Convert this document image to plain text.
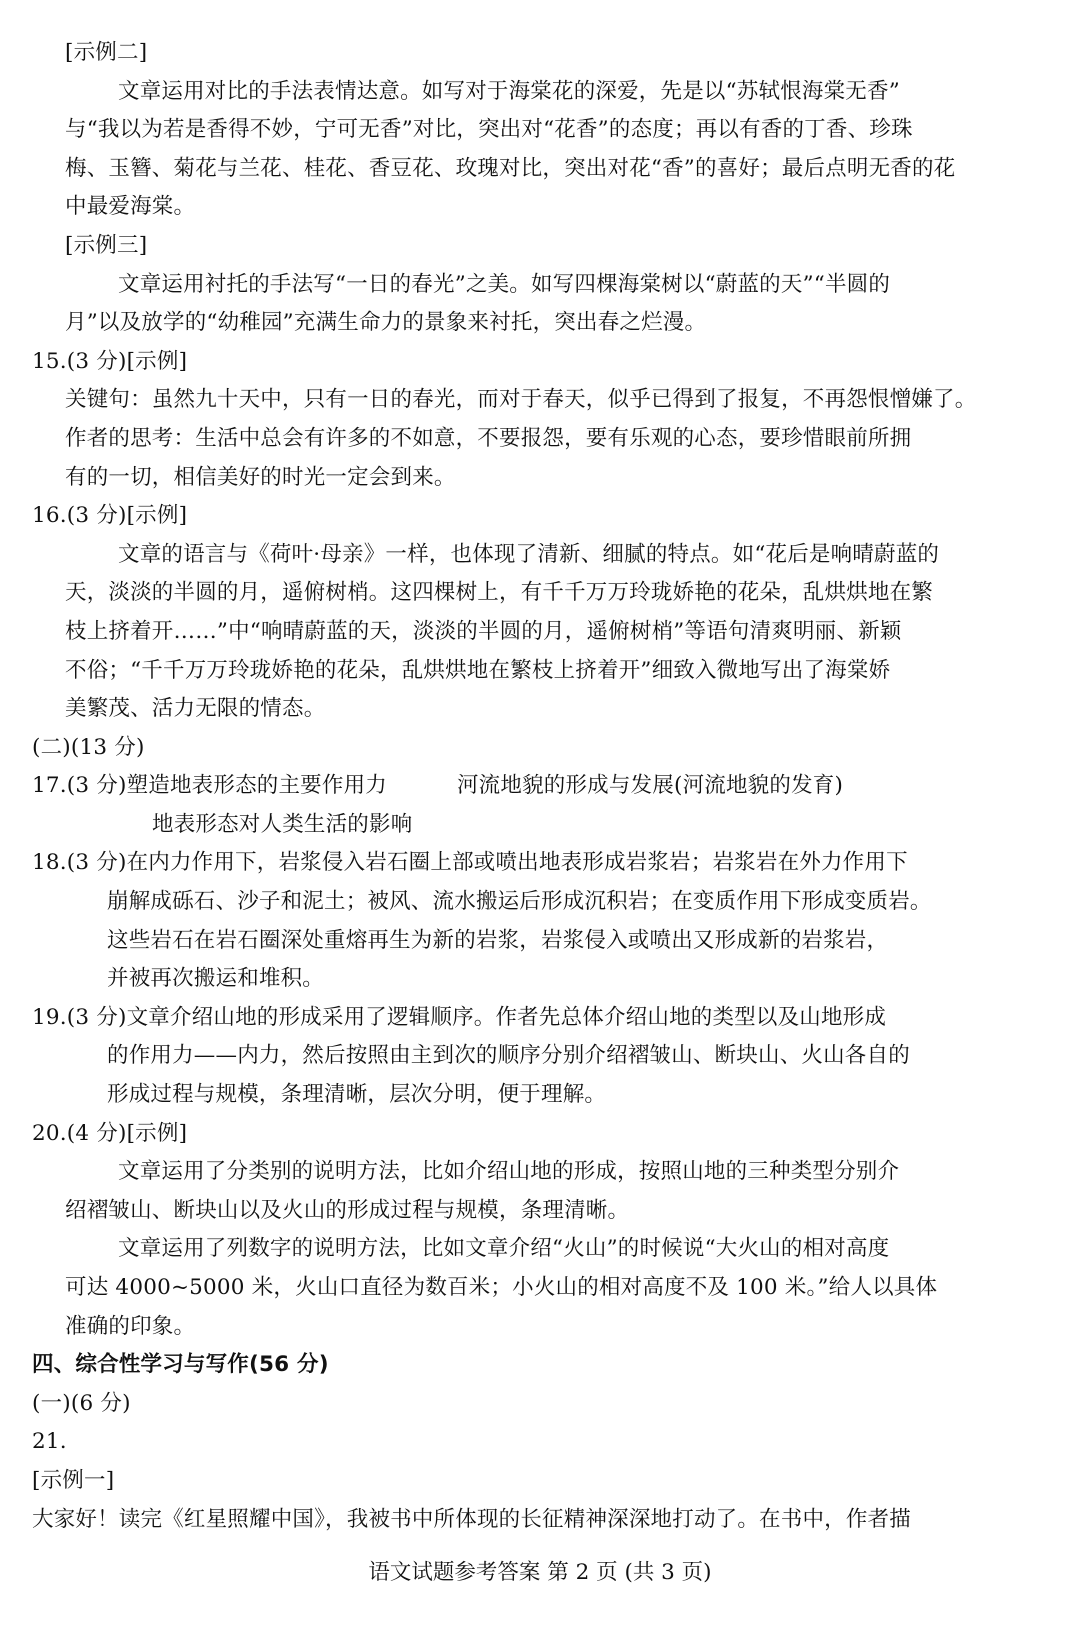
[示例二]
文章运用对比的手法表情达意。如写对于海棠花的深爱，先是以“苏轼恨海棠无香”
与“我以为若是香得不妙，宁可无香”对比，突出对“花香”的态度；再以有香的丁香、珍珠
梅、玉簪、菊花与兰花、桂花、香豆花、玫瑰对比，突出对花“香”的喜好；最后点明无香的花
中最爱海棠。
[示例三]
文章运用衬托的手法写“一日的春光”之美。如写四棵海棠树以“蔚蓝的天”“半圆的
月”以及放学的“幼稚园”充满生命力的景象来衬托，突出春之烂漫。
15.(3 分)[示例]
关键句：虽然九十天中，只有一日的春光，而对于春天，似乎已得到了报复，不再怨恨憎嫌了。
作者的思考：生活中总会有许多的不如意，不要报怨，要有乐观的心态，要珍惜眼前所拥
有的一切，相信美好的时光一定会到来。
16.(3 分)[示例]
文章的语言与《荷叶·母亲》一样，也体现了清新、细腻的特点。如“花后是响晴蔚蓝的
天，淡淡的半圆的月，遥俯树梢。这四棵树上，有千千万万玲珑娇艳的花朵，乱烘烘地在繁
枝上挤着开……”中“响晴蔚蓝的天，淡淡的半圆的月，遥俯树梢”等语句清爽明丽、新颖
不俗；“千千万万玲珑娇艳的花朵，乱烘烘地在繁枝上挤着开”细致入微地写出了海棠娇
美繁茂、活力无限的情态。
(二)(13 分)
17.(3 分)塑造地表形态的主要作用力	河流地貌的形成与发展(河流地貌的发育)
地表形态对人类生活的影响
18.(3 分)在内力作用下，岩浆侵入岩石圈上部或喷出地表形成岩浆岩；岩浆岩在外力作用下
崩解成砾石、沙子和泥土；被风、流水搬运后形成沉积岩；在变质作用下形成变质岩。
这些岩石在岩石圈深处重熔再生为新的岩浆，岩浆侵入或喷出又形成新的岩浆岩，
并被再次搬运和堆积。
19.(3 分)文章介绍山地的形成采用了逻辑顺序。作者先总体介绍山地的类型以及山地形成
的作用力——内力，然后按照由主到次的顺序分别介绍褶皱山、断块山、火山各自的
形成过程与规模，条理清晰，层次分明，便于理解。
20.(4 分)[示例]
文章运用了分类别的说明方法，比如介绍山地的形成，按照山地的三种类型分别介
绍褶皱山、断块山以及火山的形成过程与规模，条理清晰。
文章运用了列数字的说明方法，比如文章介绍“火山”的时候说“大火山的相对高度
可达 4000~5000 米，火山口直径为数百米；小火山的相对高度不及 100 米。”给人以具体
准确的印象。
四、综合性学习与写作(56 分)
(一)(6 分)
21.
[示例一]
大家好！读完《红星照耀中国》，我被书中所体现的长征精神深深地打动了。在书中，作者描
语文试题参考答案 第 2 页 (共 3 页)
